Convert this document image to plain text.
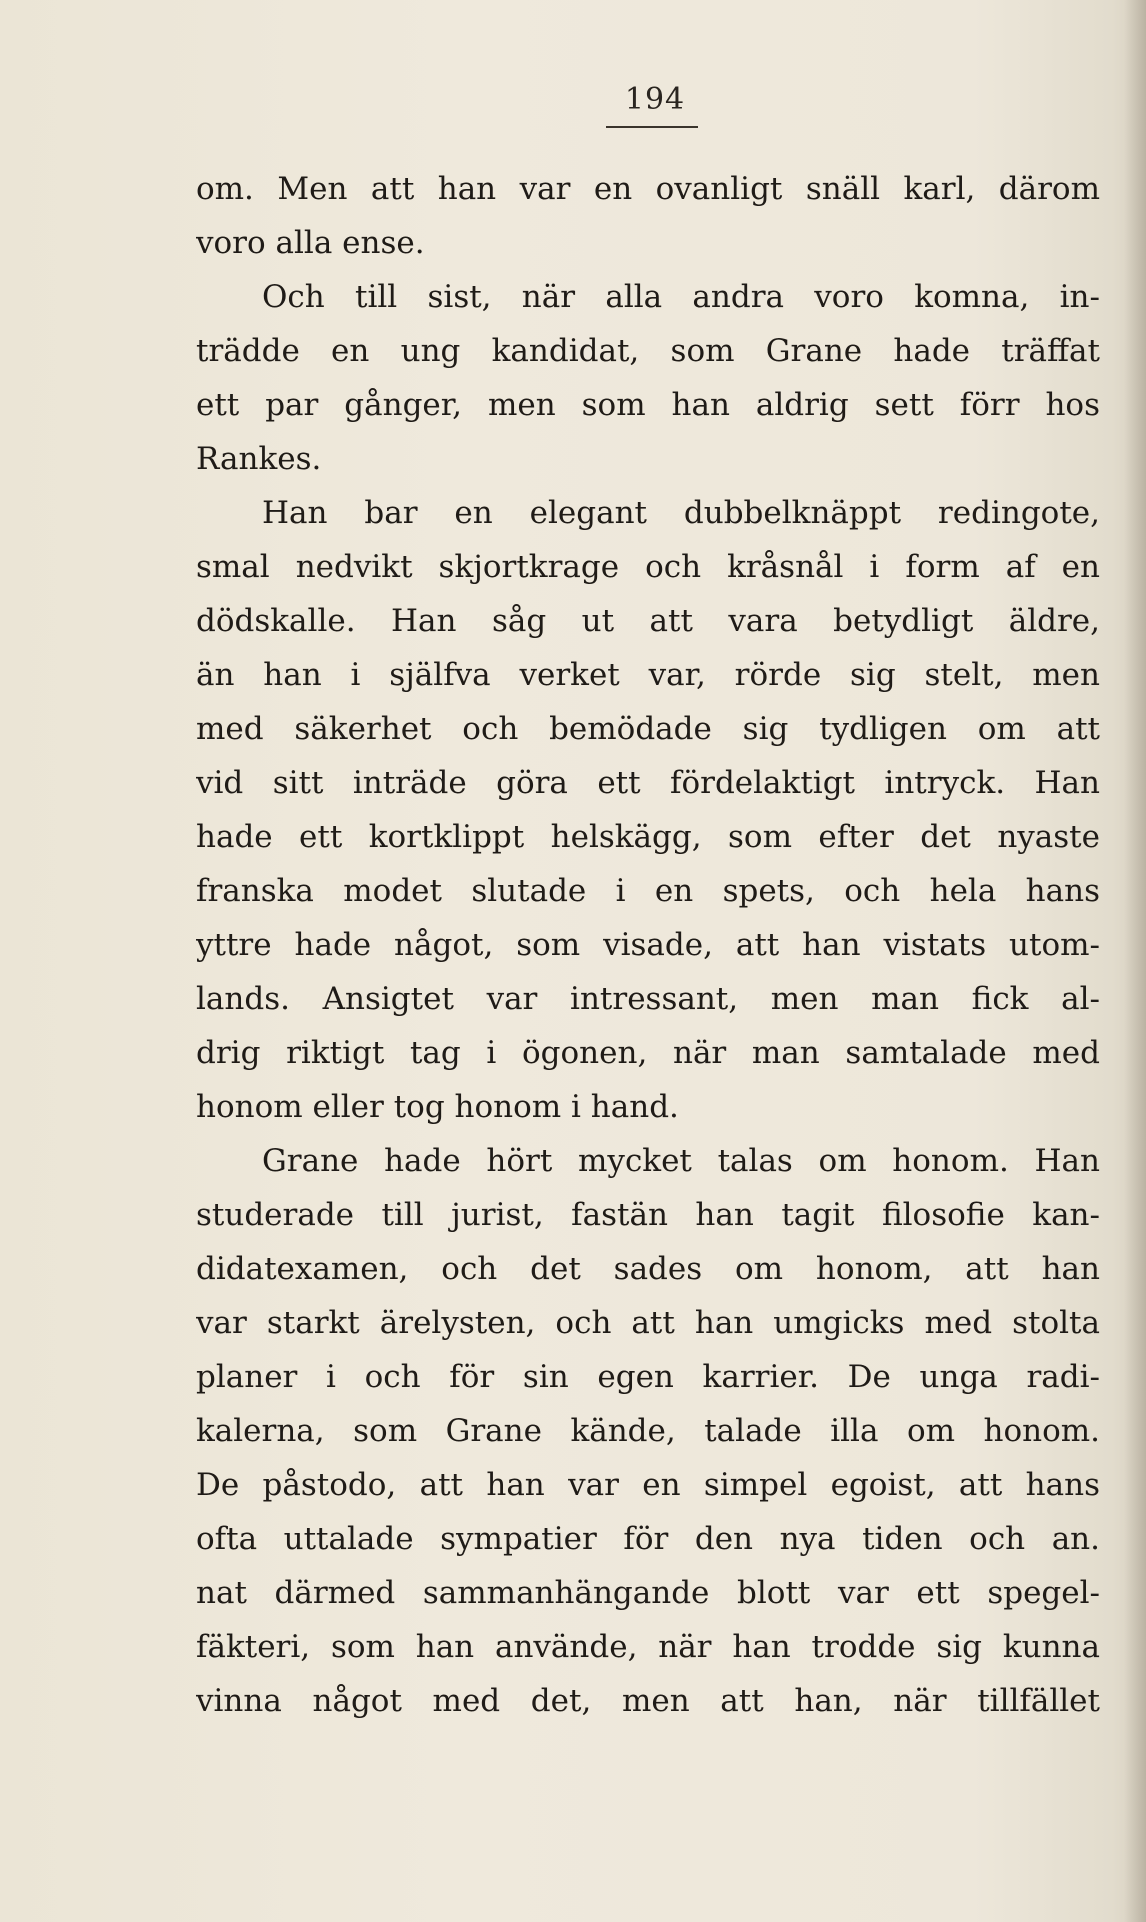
194
om. Men att han var en ovanligt snäll karl, därom
voro alla ense.
Och till sist, när alla andra voro komna, in-
trädde en ung kandidat, som Grane hade träffat
ett par gånger, men som han aldrig sett förr hos
Rankes.
Han bar en elegant dubbelknäppt redingote,
smal nedvikt skjortkrage och kråsnål i form af en
dödskalle. Han såg ut att vara betydligt äldre,
än han i själfva verket var, rörde sig stelt, men
med säkerhet och bemödade sig tydligen om att
vid sitt inträde göra ett fördelaktigt intryck. Han
hade ett kortklippt helskägg, som efter det nyaste
franska modet slutade i en spets, och hela hans
yttre hade något, som visade, att han vistats utom-
lands. Ansigtet var intressant, men man fick al-
drig riktigt tag i ögonen, när man samtalade med
honom eller tog honom i hand.
Grane hade hört mycket talas om honom. Han
studerade till jurist, fastän han tagit filosofie kan-
didatexamen, och det sades om honom, att han
var starkt ärelysten, och att han umgicks med stolta
planer i och för sin egen karrier. De unga radi-
kalerna, som Grane kände, talade illa om honom.
De påstodo, att han var en simpel egoist, att hans
ofta uttalade sympatier för den nya tiden och an.
nat därmed sammanhängande blott var ett spegel-
fäkteri, som han använde, när han trodde sig kunna
vinna något med det, men att han, när tillfället
